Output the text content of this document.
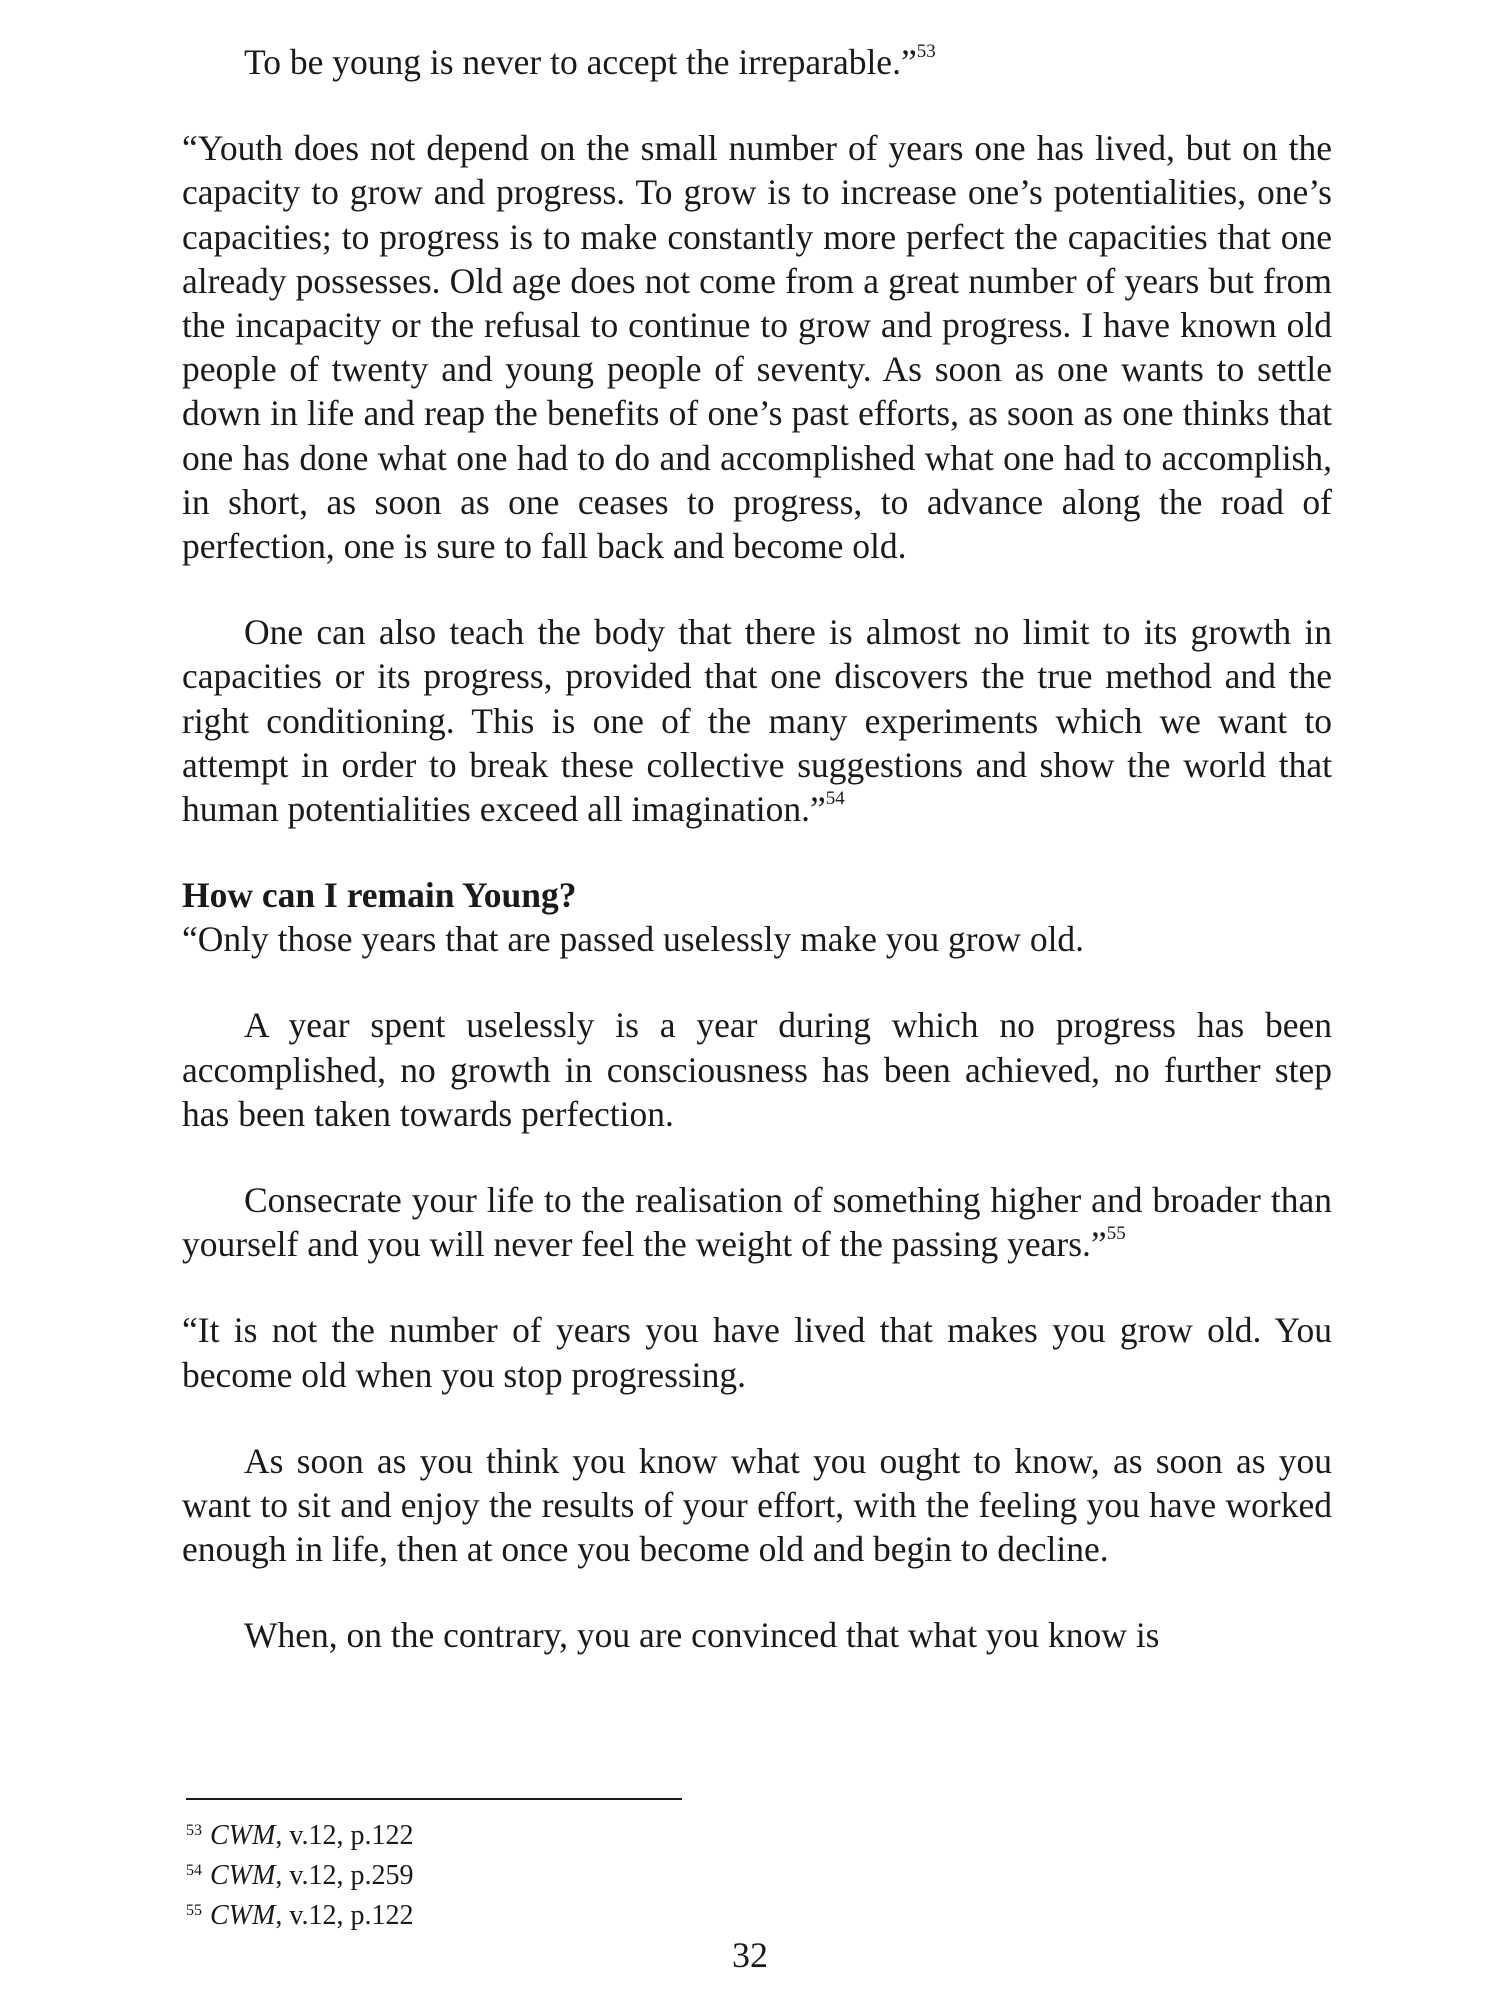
To be young is never to accept the irreparable.”$^{53}$

“Youth does not depend on the small number of years one has lived, but on the capacity to grow and progress. To grow is to increase one’s potentialities, one’s capacities; to progress is to make constantly more perfect the capacities that one already possesses. Old age does not come from a great number of years but from the incapacity or the refusal to continue to grow and progress. I have known old people of twenty and young people of seventy. As soon as one wants to settle down in life and reap the benefits of one’s past efforts, as soon as one thinks that one has done what one had to do and accomplished what one had to accomplish, in short, as soon as one ceases to progress, to advance along the road of perfection, one is sure to fall back and become old.

One can also teach the body that there is almost no limit to its growth in capacities or its progress, provided that one discovers the true method and the right conditioning. This is one of the many experiments which we want to attempt in order to break these collective suggestions and show the world that human potentialities exceed all imagination.”$^{54}$

How can I remain Young?

“Only those years that are passed uselessly make you grow old.

A year spent uselessly is a year during which no progress has been accomplished, no growth in consciousness has been achieved, no further step has been taken towards perfection.

Consecrate your life to the realisation of something higher and broader than yourself and you will never feel the weight of the passing years.”$^{55}$

“It is not the number of years you have lived that makes you grow old. You become old when you stop progressing.

As soon as you think you know what you ought to know, as soon as you want to sit and enjoy the results of your effort, with the feeling you have worked enough in life, then at once you become old and begin to decline.

When, on the contrary, you are convinced that what you know is

$^{53}$ CWM, v.12, p.122

$^{54}$ CWM, v.12, p.259

$^{55}$ CWM, v.12, p.122

32
